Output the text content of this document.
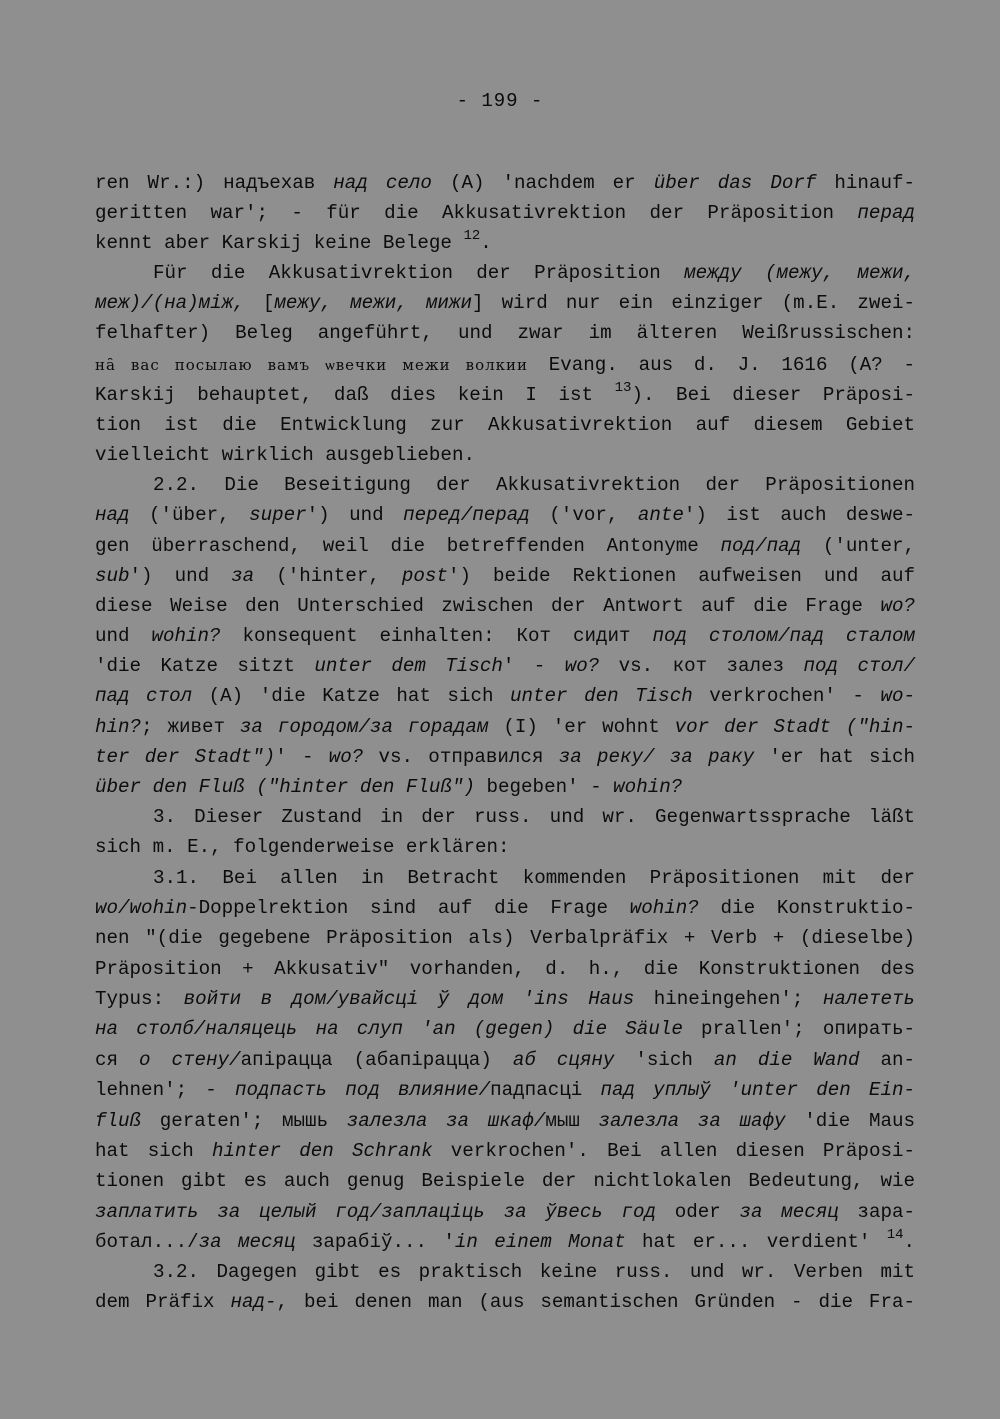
- 199 -
ren Wr.:) надъехав над село (A) 'nachdem er über das Dorf hinauf-
geritten war'; - für die Akkusativrektion der Präposition перад
kennt aber Karskij keine Belege $^{12}$.
Für die Akkusativrektion der Präposition между (межу, межи,
меж)/(на)між, [межу, межи, мижи] wird nur ein einziger (m.E. zwei-
felhafter) Beleg angeführt, und zwar im älteren Weißrussischen:
на̑ вас посылаю вамъ ѡвечки межи волкии Evang. aus d. J. 1616 (A? -
Karskij behauptet, daß dies kein I ist $^{13}$). Bei dieser Präposi-
tion ist die Entwicklung zur Akkusativrektion auf diesem Gebiet
vielleicht wirklich ausgeblieben.
2.2. Die Beseitigung der Akkusativrektion der Präpositionen
над ('über, super') und перед/перад ('vor, ante') ist auch deswe-
gen überraschend, weil die betreffenden Antonyme под/пад ('unter,
sub') und за ('hinter, post') beide Rektionen aufweisen und auf
diese Weise den Unterschied zwischen der Antwort auf die Frage wo?
und wohin? konsequent einhalten: Кот сидит под столом/пад сталом
'die Katze sitzt unter dem Tisch' - wo? vs. кот залез под стол/
пад стол (A) 'die Katze hat sich unter den Tisch verkrochen' - wo-
hin?; живет за городом/за горадам (I) 'er wohnt vor der Stadt ("hin-
ter der Stadt")' - wo? vs. отправился за реку/ за раку 'er hat sich
über den Fluß ("hinter den Fluß") begeben' - wohin?
3. Dieser Zustand in der russ. und wr. Gegenwartssprache läßt
sich m. E., folgenderweise erklären:
3.1. Bei allen in Betracht kommenden Präpositionen mit der
wo/wohin-Doppelrektion sind auf die Frage wohin? die Konstruktio-
nen "(die gegebene Präposition als) Verbalpräfix + Verb + (dieselbe)
Präposition + Akkusativ" vorhanden, d. h., die Konstruktionen des
Typus: войти в дом/увайсці ў дом 'ins Haus hineingehen'; налететь
на столб/наляцець на слуп 'an (gegen) die Säule prallen'; опирать-
ся о стену/апірацца (абапірацца) аб сцяну 'sich an die Wand an-
lehnen'; - подпасть под влияние/падпасці пад уплыў 'unter den Ein-
fluß geraten'; мышь залезла за шкаф/мыш залезла за шафу 'die Maus
hat sich hinter den Schrank verkrochen'. Bei allen diesen Präposi-
tionen gibt es auch genug Beispiele der nichtlokalen Bedeutung, wie
заплатить за целый год/заплаціць за ўвесь год oder за месяц зара-
ботал.../за месяц зарабіў... 'in einem Monat hat er... verdient' $^{14}$.
3.2. Dagegen gibt es praktisch keine russ. und wr. Verben mit
dem Präfix над-, bei denen man (aus semantischen Gründen - die Fra-
